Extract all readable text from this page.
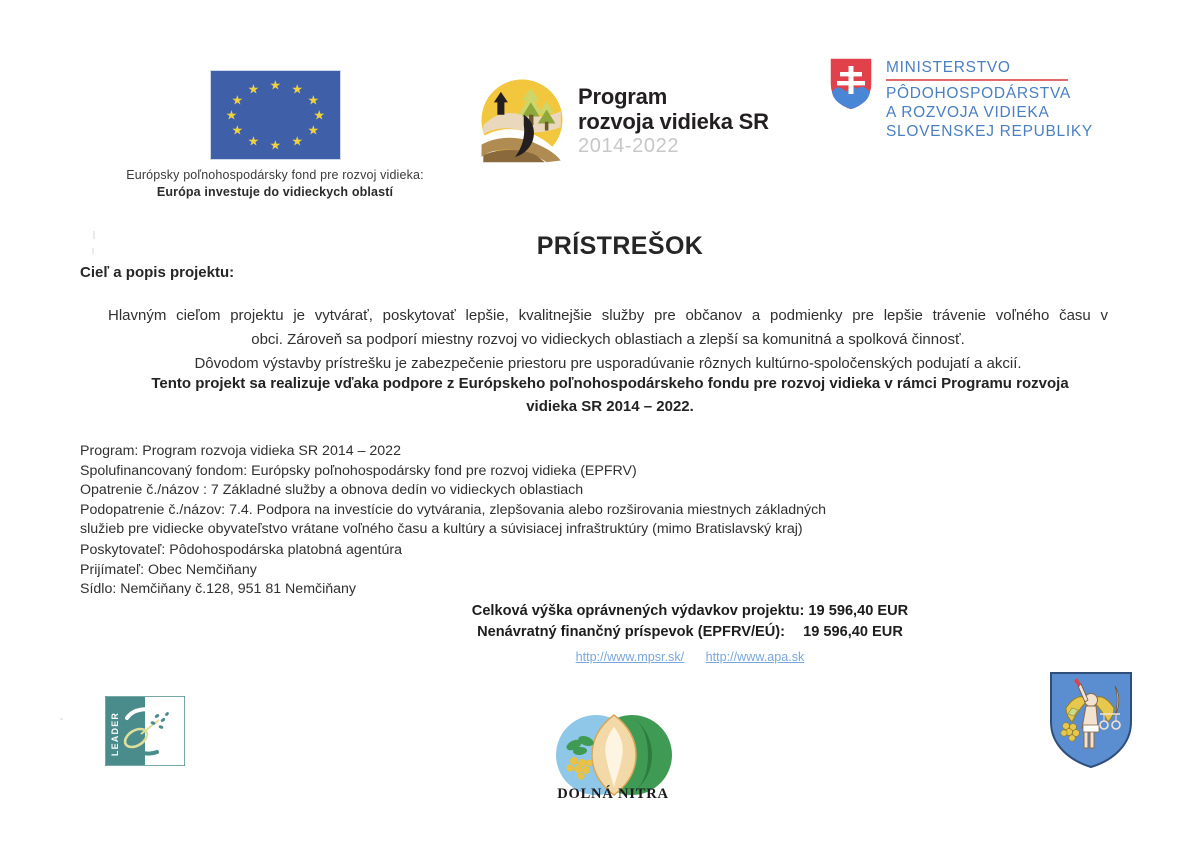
★ ★
★
★
★
★
★
★
★
★
★
★
Európsky poľnohospodársky fond pre rozvoj vidieka:
Európa investuje do vidieckych oblastí
Program
rozvoja vidieka SR
2014-2022
MINISTERSTVO
PÔDOHOSPODÁRSTVA
A ROZVOJA VIDIEKA
SLOVENSKEJ REPUBLIKY
PRÍSTREŠOK
Cieľ a popis projektu:
Hlavným cieľom projektu je vytvárať, poskytovať lepšie, kvalitnejšie služby pre občanov a podmienky pre lepšie trávenie voľného času v
obci. Zároveň sa podporí miestny rozvoj vo vidieckych oblastiach a zlepší sa komunitná a spolková činnosť.
Dôvodom výstavby prístrešku je zabezpečenie priestoru pre usporadúvanie rôznych kultúrno-spoločenských podujatí a akcií.
Tento projekt sa realizuje vďaka podpore z Európskeho poľnohospodárskeho fondu pre rozvoj vidieka v rámci Programu rozvoja vidieka SR 2014 – 2022.
Program: Program rozvoja vidieka SR 2014 – 2022
Spolufinancovaný fondom: Európsky poľnohospodársky fond pre rozvoj vidieka (EPFRV)
Opatrenie č./názov : 7 Základné služby a obnova dedín vo vidieckych oblastiach
Podopatrenie č./názov: 7.4. Podpora na investície do vytvárania, zlepšovania alebo rozširovania miestnych základných služieb pre vidiecke obyvateľstvo vrátane voľného času a kultúry a súvisiacej infraštruktúry (mimo Bratislavský kraj)
Poskytovateľ: Pôdohospodárska platobná agentúra
Prijímateľ: Obec Nemčiňany
Sídlo: Nemčiňany č.128, 951 81 Nemčiňany
Celková výška oprávnených výdavkov projektu: 19 596,40 EUR
Nenávratný finančný príspevok (EPFRV/EÚ): 19 596,40 EUR
http://www.mpsr.sk/ http://www.apa.sk
LEADER
DOLNÁ NITRA
